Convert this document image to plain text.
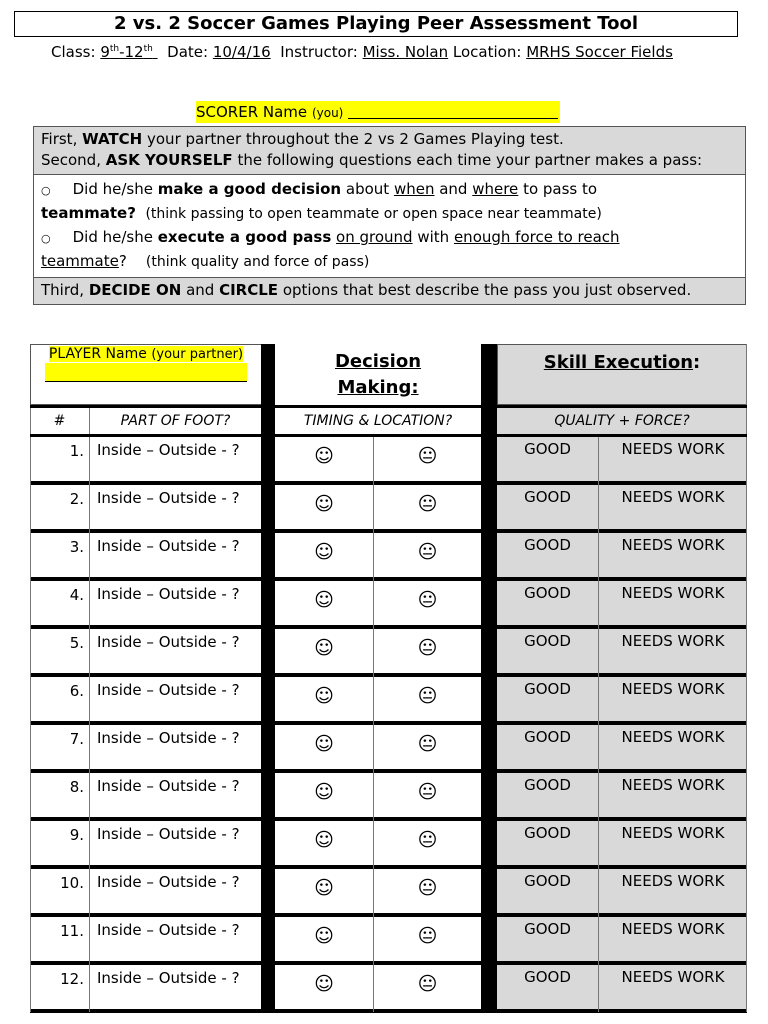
2 vs. 2 Soccer Games Playing Peer Assessment Tool
Class: 9th-12th Date: 10/4/16 Instructor: Miss. Nolan Location: MRHS Soccer Fields
SCORER Name (you)
First, WATCH your partner throughout the 2 vs 2 Games Playing test.
Second, ASK YOURSELF the following questions each time your partner makes a pass:
○ Did he/she make a good decision about when and where to pass to teammate? (think passing to open teammate or open space near teammate)
○ Did he/she execute a good pass on ground with enough force to reach teammate? (think quality and force of pass)
Third, DECIDE ON and CIRCLE options that best describe the pass you just observed.
PLAYER Name (your partner)	Decision
Making:
Skill Execution:
#	PART OF FOOT?	TIMING & LOCATION?	QUALITY + FORCE?
1. Inside – Outside - ?	☺	😐	GOOD	NEEDS WORK
2. Inside – Outside - ?	☺	😐	GOOD	NEEDS WORK
3. Inside – Outside - ?	☺	😐	GOOD	NEEDS WORK
4. Inside – Outside - ?	☺	😐	GOOD	NEEDS WORK
5. Inside – Outside - ?	☺	😐	GOOD	NEEDS WORK
6. Inside – Outside - ?	☺	😐	GOOD	NEEDS WORK
7. Inside – Outside - ?	☺	😐	GOOD	NEEDS WORK
8. Inside – Outside - ?	☺	😐	GOOD	NEEDS WORK
9. Inside – Outside - ?	☺	😐	GOOD	NEEDS WORK
10. Inside – Outside - ?	☺	😐	GOOD	NEEDS WORK
11. Inside – Outside - ?	☺	😐	GOOD	NEEDS WORK
12. Inside – Outside - ?	☺	😐	GOOD	NEEDS WORK
